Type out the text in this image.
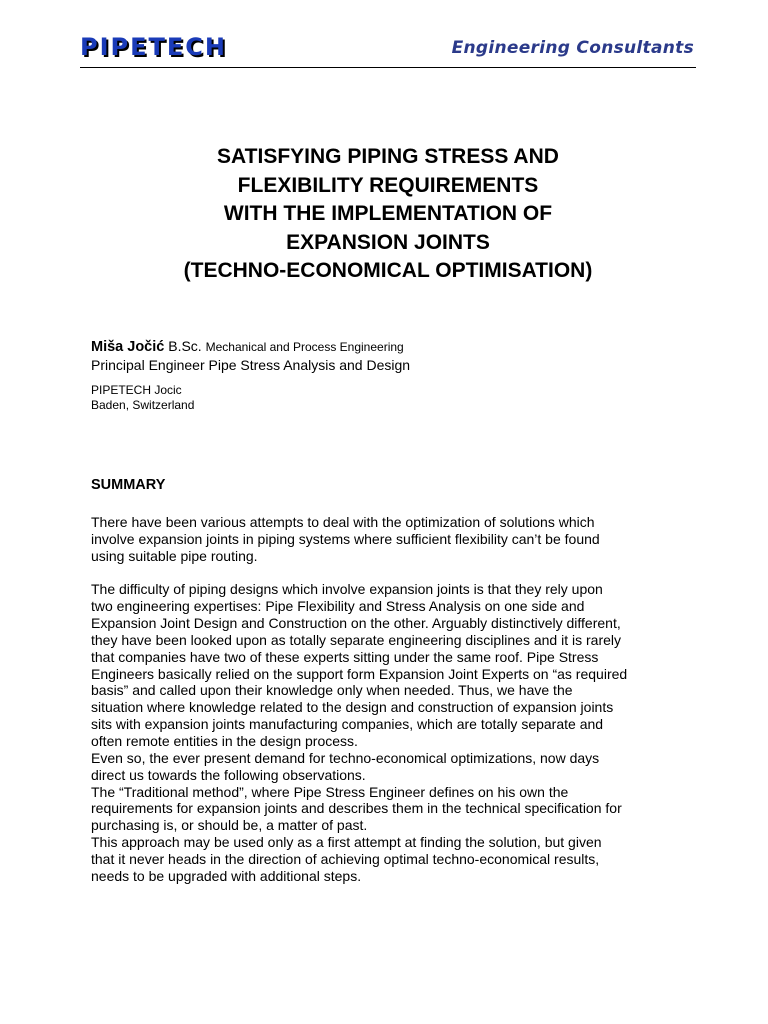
PIPETECH	Engineering Consultants
SATISFYING PIPING STRESS AND
FLEXIBILITY REQUIREMENTS
WITH THE IMPLEMENTATION OF
EXPANSION JOINTS
(TECHNO-ECONOMICAL OPTIMISATION)
Miša Jočić B.Sc. Mechanical and Process Engineering
Principal Engineer Pipe Stress Analysis and Design
PIPETECH Jocic
Baden, Switzerland
SUMMARY
There have been various attempts to deal with the optimization of solutions which
involve expansion joints in piping systems where sufficient flexibility can’t be found
using suitable pipe routing.
The difficulty of piping designs which involve expansion joints is that they rely upon
two engineering expertises: Pipe Flexibility and Stress Analysis on one side and
Expansion Joint Design and Construction on the other. Arguably distinctively different,
they have been looked upon as totally separate engineering disciplines and it is rarely
that companies have two of these experts sitting under the same roof. Pipe Stress
Engineers basically relied on the support form Expansion Joint Experts on “as required
basis” and called upon their knowledge only when needed. Thus, we have the
situation where knowledge related to the design and construction of expansion joints
sits with expansion joints manufacturing companies, which are totally separate and
often remote entities in the design process.
Even so, the ever present demand for techno-economical optimizations, now days
direct us towards the following observations.
The “Traditional method”, where Pipe Stress Engineer defines on his own the
requirements for expansion joints and describes them in the technical specification for
purchasing is, or should be, a matter of past.
This approach may be used only as a first attempt at finding the solution, but given
that it never heads in the direction of achieving optimal techno-economical results,
needs to be upgraded with additional steps.
